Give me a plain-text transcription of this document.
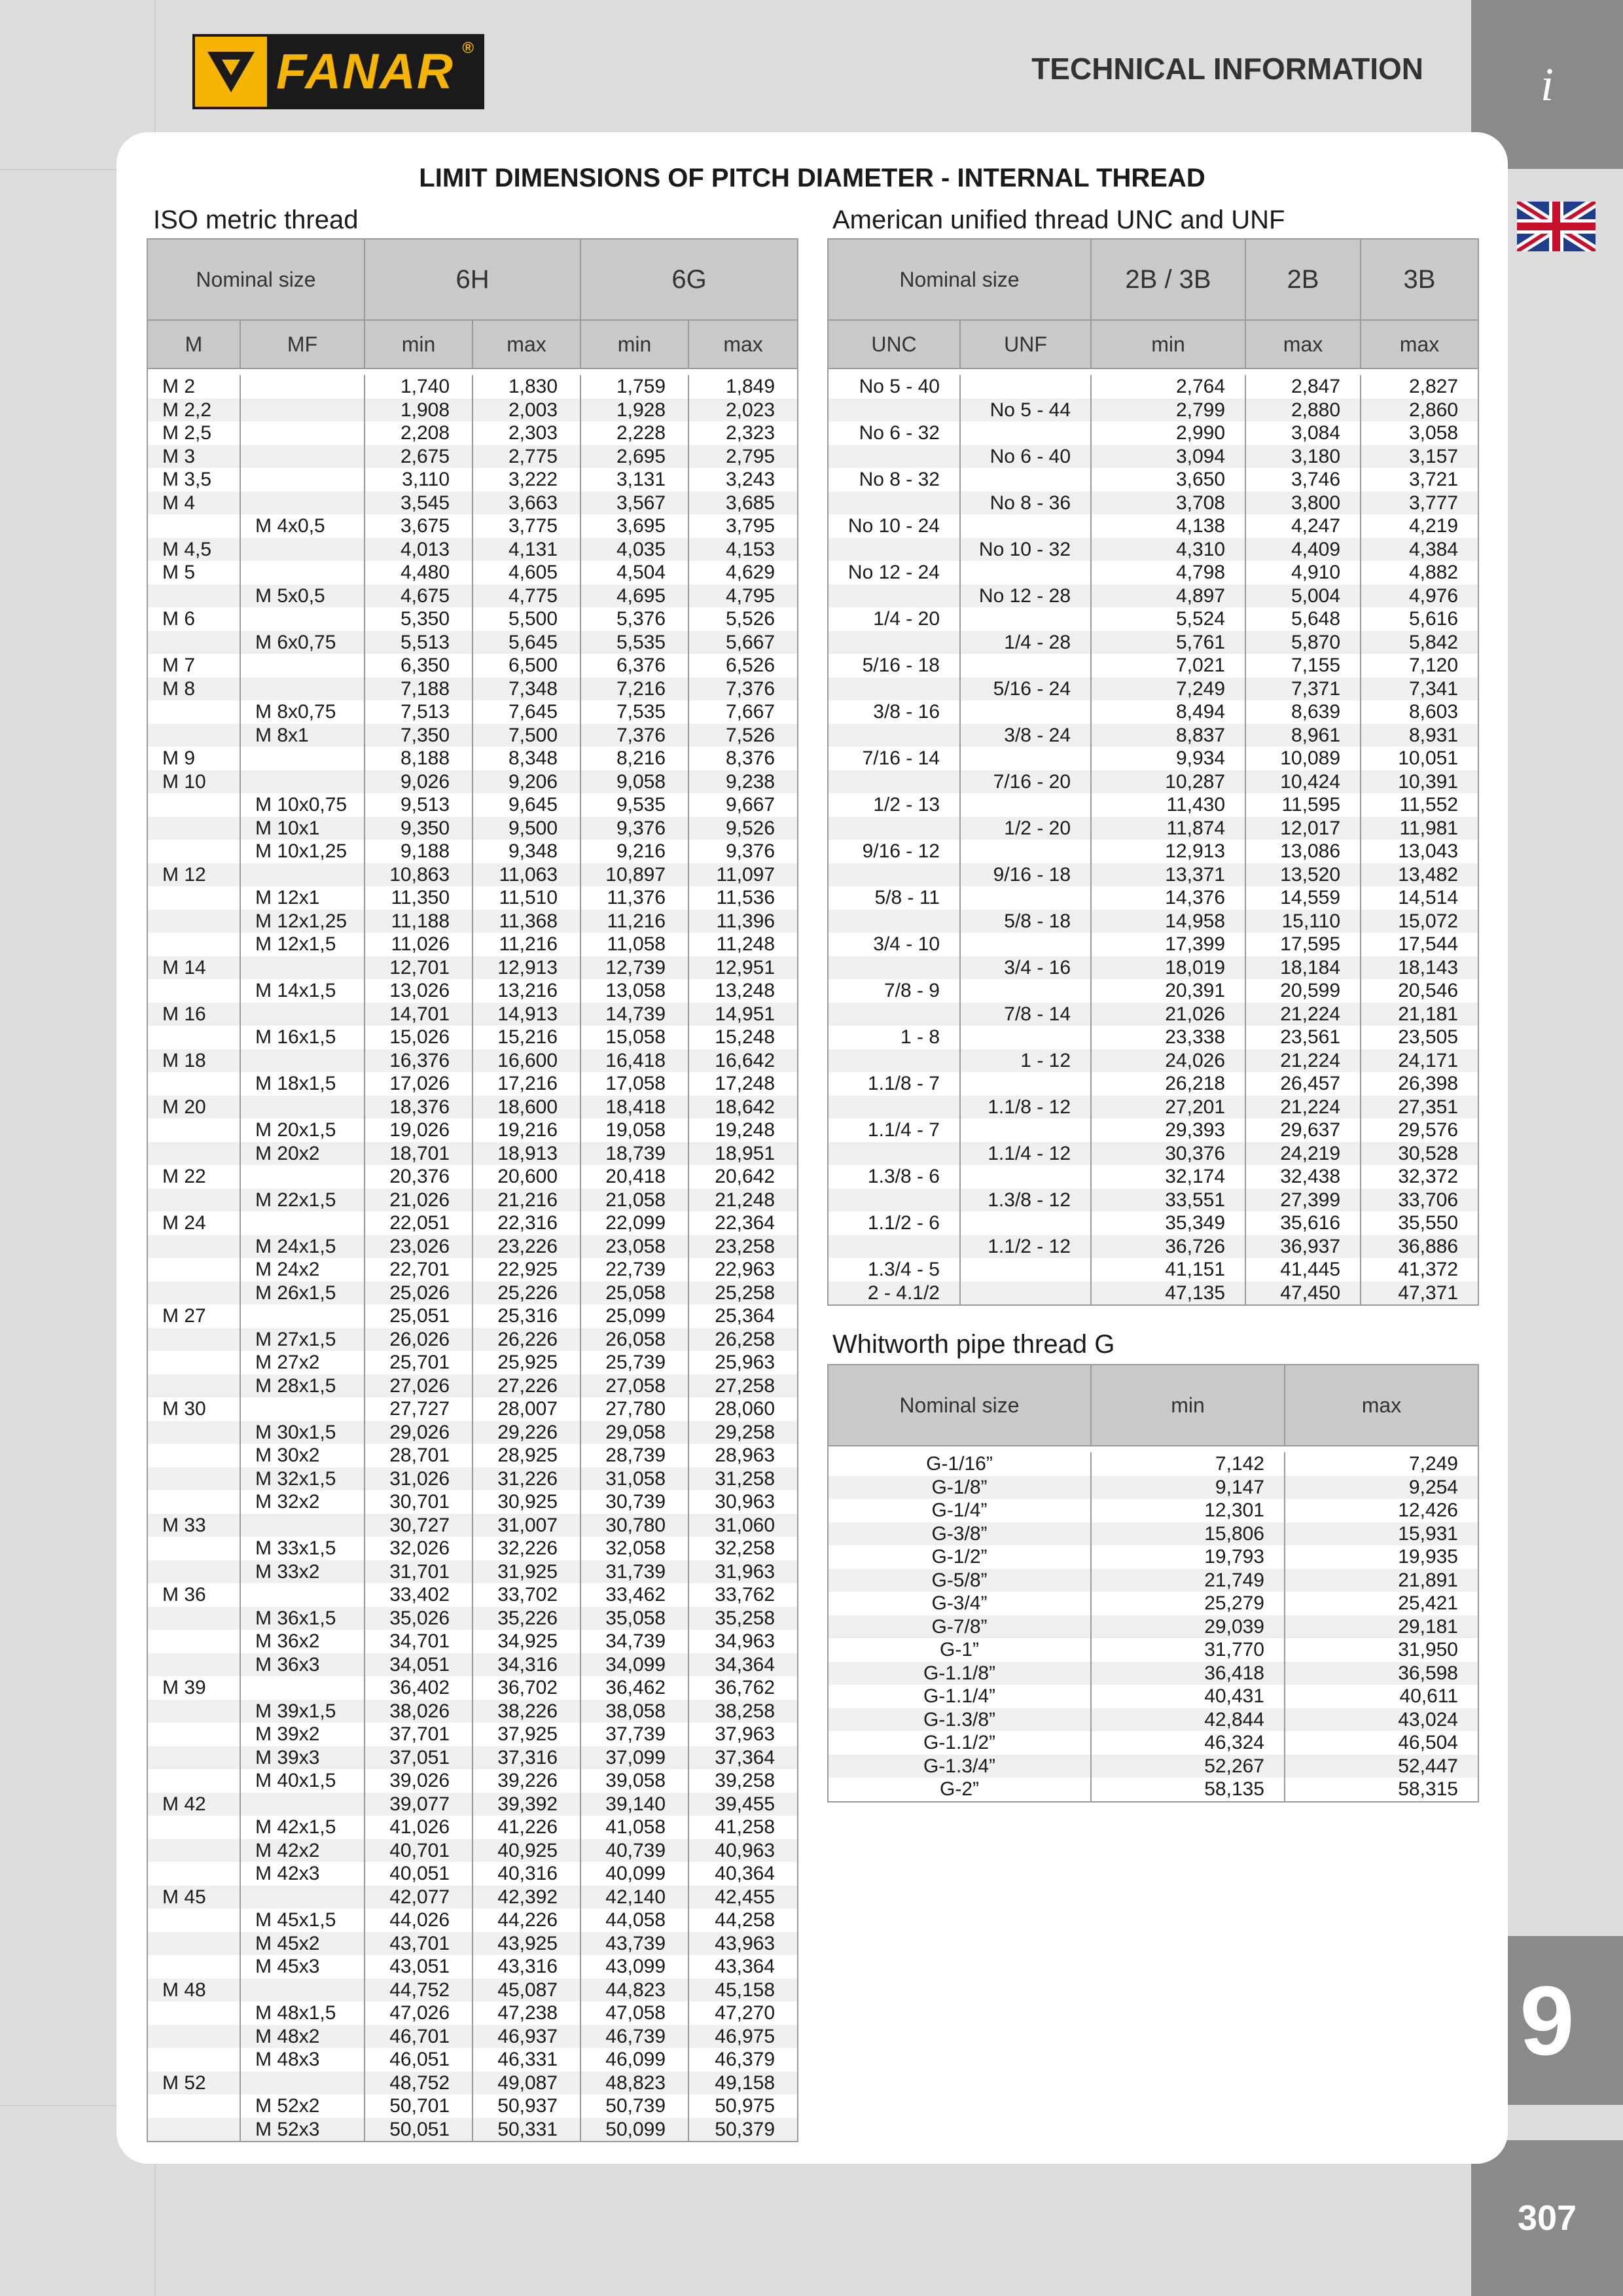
FANAR ®
TECHNICAL INFORMATION	i
9
307
LIMIT DIMENSIONS OF PITCH DIAMETER - INTERNAL THREAD
ISO metric thread	American unified thread UNC and UNF
Whitworth pipe thread G
Nominal size		6H		6G	
M	MF	min	max	min	max

M 2		1,740	1,830	1,759	1,849
M 2,2		1,908	2,003	1,928	2,023
M 2,5		2,208	2,303	2,228	2,323
M 3		2,675	2,775	2,695	2,795
M 3,5		3,110	3,222	3,131	3,243
M 4		3,545	3,663	3,567	3,685
	M 4x0,5	3,675	3,775	3,695	3,795
M 4,5		4,013	4,131	4,035	4,153
M 5		4,480	4,605	4,504	4,629
	M 5x0,5	4,675	4,775	4,695	4,795
M 6		5,350	5,500	5,376	5,526
	M 6x0,75	5,513	5,645	5,535	5,667
M 7		6,350	6,500	6,376	6,526
M 8		7,188	7,348	7,216	7,376
	M 8x0,75	7,513	7,645	7,535	7,667
	M 8x1	7,350	7,500	7,376	7,526
M 9		8,188	8,348	8,216	8,376
M 10		9,026	9,206	9,058	9,238
	M 10x0,75	9,513	9,645	9,535	9,667
	M 10x1	9,350	9,500	9,376	9,526
	M 10x1,25	9,188	9,348	9,216	9,376
M 12		10,863	11,063	10,897	11,097
	M 12x1	11,350	11,510	11,376	11,536
	M 12x1,25	11,188	11,368	11,216	11,396
	M 12x1,5	11,026	11,216	11,058	11,248
M 14		12,701	12,913	12,739	12,951
	M 14x1,5	13,026	13,216	13,058	13,248
M 16		14,701	14,913	14,739	14,951
	M 16x1,5	15,026	15,216	15,058	15,248
M 18		16,376	16,600	16,418	16,642
	M 18x1,5	17,026	17,216	17,058	17,248
M 20		18,376	18,600	18,418	18,642
	M 20x1,5	19,026	19,216	19,058	19,248
	M 20x2	18,701	18,913	18,739	18,951
M 22		20,376	20,600	20,418	20,642
	M 22x1,5	21,026	21,216	21,058	21,248
M 24		22,051	22,316	22,099	22,364
	M 24x1,5	23,026	23,226	23,058	23,258
	M 24x2	22,701	22,925	22,739	22,963
	M 26x1,5	25,026	25,226	25,058	25,258
M 27		25,051	25,316	25,099	25,364
	M 27x1,5	26,026	26,226	26,058	26,258
	M 27x2	25,701	25,925	25,739	25,963
	M 28x1,5	27,026	27,226	27,058	27,258
M 30		27,727	28,007	27,780	28,060
	M 30x1,5	29,026	29,226	29,058	29,258
	M 30x2	28,701	28,925	28,739	28,963
	M 32x1,5	31,026	31,226	31,058	31,258
	M 32x2	30,701	30,925	30,739	30,963
M 33		30,727	31,007	30,780	31,060
	M 33x1,5	32,026	32,226	32,058	32,258
	M 33x2	31,701	31,925	31,739	31,963
M 36		33,402	33,702	33,462	33,762
	M 36x1,5	35,026	35,226	35,058	35,258
	M 36x2	34,701	34,925	34,739	34,963
	M 36x3	34,051	34,316	34,099	34,364
M 39		36,402	36,702	36,462	36,762
	M 39x1,5	38,026	38,226	38,058	38,258
	M 39x2	37,701	37,925	37,739	37,963
	M 39x3	37,051	37,316	37,099	37,364
	M 40x1,5	39,026	39,226	39,058	39,258
M 42		39,077	39,392	39,140	39,455
	M 42x1,5	41,026	41,226	41,058	41,258
	M 42x2	40,701	40,925	40,739	40,963
	M 42x3	40,051	40,316	40,099	40,364
M 45		42,077	42,392	42,140	42,455
	M 45x1,5	44,026	44,226	44,058	44,258
	M 45x2	43,701	43,925	43,739	43,963
	M 45x3	43,051	43,316	43,099	43,364
M 48		44,752	45,087	44,823	45,158
	M 48x1,5	47,026	47,238	47,058	47,270
	M 48x2	46,701	46,937	46,739	46,975
	M 48x3	46,051	46,331	46,099	46,379
M 52		48,752	49,087	48,823	49,158
	M 52x2	50,701	50,937	50,739	50,975
	M 52x3	50,051	50,331	50,099	50,379
Nominal size		2B / 3B	2B	3B
UNC	UNF	min	max	max

No 5 - 40		2,764	2,847	2,827
	No 5 - 44	2,799	2,880	2,860
No 6 - 32		2,990	3,084	3,058
	No 6 - 40	3,094	3,180	3,157
No 8 - 32		3,650	3,746	3,721
	No 8 - 36	3,708	3,800	3,777
No 10 - 24		4,138	4,247	4,219
	No 10 - 32	4,310	4,409	4,384
No 12 - 24		4,798	4,910	4,882
	No 12 - 28	4,897	5,004	4,976
1/4 - 20		5,524	5,648	5,616
	1/4 - 28	5,761	5,870	5,842
5/16 - 18		7,021	7,155	7,120
	5/16 - 24	7,249	7,371	7,341
3/8 - 16		8,494	8,639	8,603
	3/8 - 24	8,837	8,961	8,931
7/16 - 14		9,934	10,089	10,051
	7/16 - 20	10,287	10,424	10,391
1/2 - 13		11,430	11,595	11,552
	1/2 - 20	11,874	12,017	11,981
9/16 - 12		12,913	13,086	13,043
	9/16 - 18	13,371	13,520	13,482
5/8 - 11		14,376	14,559	14,514
	5/8 - 18	14,958	15,110	15,072
3/4 - 10		17,399	17,595	17,544
	3/4 - 16	18,019	18,184	18,143
7/8 - 9		20,391	20,599	20,546
	7/8 - 14	21,026	21,224	21,181
1 - 8		23,338	23,561	23,505
	1 - 12	24,026	21,224	24,171
1.1/8 - 7		26,218	26,457	26,398
	1.1/8 - 12	27,201	21,224	27,351
1.1/4 - 7		29,393	29,637	29,576
	1.1/4 - 12	30,376	24,219	30,528
1.3/8 - 6		32,174	32,438	32,372
	1.3/8 - 12	33,551	27,399	33,706
1.1/2 - 6		35,349	35,616	35,550
	1.1/2 - 12	36,726	36,937	36,886
1.3/4 - 5		41,151	41,445	41,372
2 - 4.1/2		47,135	47,450	47,371
Nominal size	min	max

G-1/16”	7,142	7,249
G-1/8”	9,147	9,254
G-1/4”	12,301	12,426
G-3/8”	15,806	15,931
G-1/2”	19,793	19,935
G-5/8”	21,749	21,891
G-3/4”	25,279	25,421
G-7/8”	29,039	29,181
G-1”	31,770	31,950
G-1.1/8”	36,418	36,598
G-1.1/4”	40,431	40,611
G-1.3/8”	42,844	43,024
G-1.1/2”	46,324	46,504
G-1.3/4”	52,267	52,447
G-2”	58,135	58,315
